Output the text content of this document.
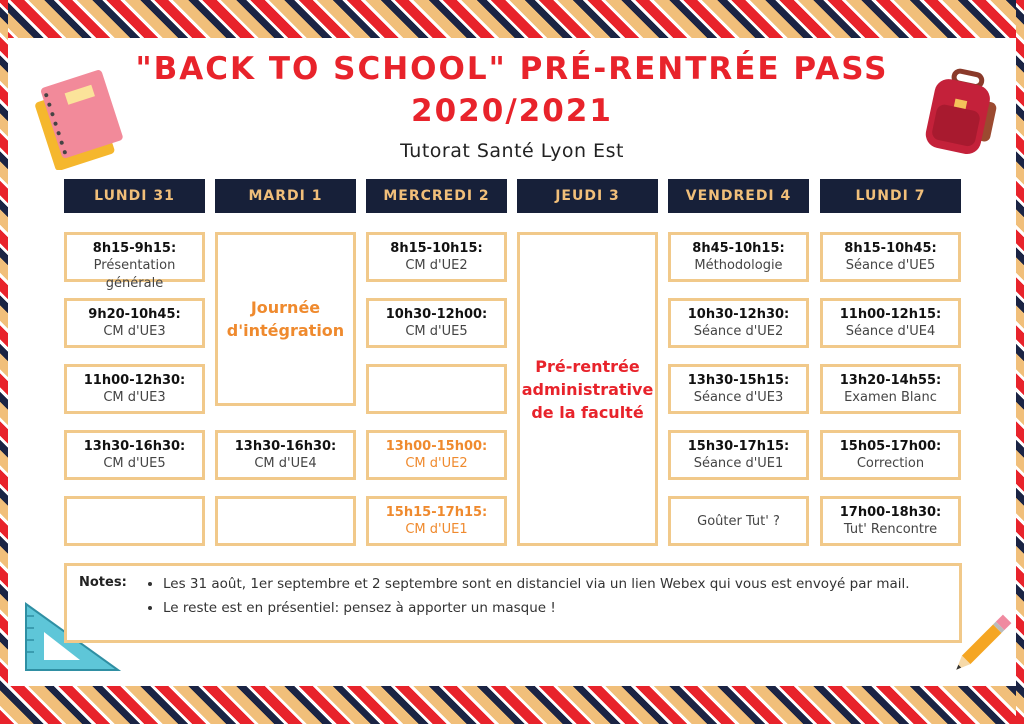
"BACK TO SCHOOL" PRÉ-RENTRÉE PASS
2020/2021
Tutorat Santé Lyon Est
LUNDI 31	MARDI 1	MERCREDI 2	JEUDI 3	VENDREDI 4	LUNDI 7
8h15-9h15:
Présentation générale
9h20-10h45:
CM d'UE3
11h00-12h30:
CM d'UE3
13h30-16h30:
CM d'UE5
Journée d'intégration
13h30-16h30:
CM d'UE4
8h15-10h15:
CM d'UE2
10h30-12h00:
CM d'UE5
13h00-15h00:
CM d'UE2
15h15-17h15:
CM d'UE1
Pré-rentrée administrative de la faculté
8h45-10h15:
Méthodologie
10h30-12h30:
Séance d'UE2
13h30-15h15:
Séance d'UE3
15h30-17h15:
Séance d'UE1
Goûter Tut' ?
8h15-10h45:
Séance d'UE5
11h00-12h15:
Séance d'UE4
13h20-14h55:
Examen Blanc
15h05-17h00:
Correction
17h00-18h30:
Tut' Rencontre
Notes:
•	Les 31 août, 1er septembre et 2 septembre sont en distanciel via un lien Webex qui vous est envoyé par mail.
• Le reste est en présentiel: pensez à apporter un masque !
